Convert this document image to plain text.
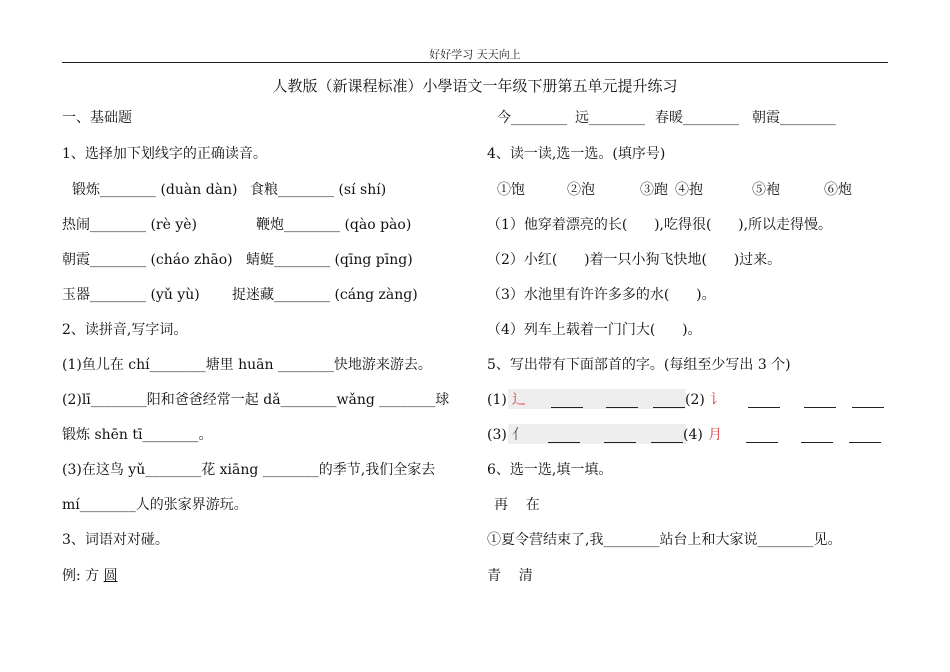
好好学习 天天向上

人教版（新课程标准）小學语文一年级下册第五单元提升练习

一、基础题

1、选择加下划线字的正确读音。

锻炼________ (duàn dàn) 食粮________ (sí shí)

热闹________ (rè yè)	鞭炮________ (qào pào)

朝霞________ (cháo zhāo) 蜻蜓________ (qīng pīng)

玉器________ (yǔ yù) 捉迷藏________ (cáng zànɡ)

2、读拼音,写字词。

(1)鱼儿在 chí________塘里 huān ________快地游来游去。

(2)lī________阳和爸爸经常一起 dǎ________wǎng ________球

锻炼 shēn tī________。

(3)在这鸟 yǔ________花 xiāng ________的季节,我们全家去

mí________人的张家界游玩。

3、词语对对碰。

例: 方 圆

今________ 远________ 春暖________ 朝霞________

4、读一读,选一选。(填序号)

①饱	②泡	③跑 ④抱	⑤袍	⑥炮

（1）他穿着漂亮的长(      ),吃得很(      ),所以走得慢。

（2）小红(      )着一只小狗飞快地(      )过来。

（3）水池里有许许多多的水(      )。

（4）列车上载着一门门大(      )。

5、写出带有下面部首的字。(每组至少写出 3 个)

(1) 辶	(2) 讠

(3) 亻	(4) 月

6、选一选,填一填。

再    在

①夏令营结束了,我________站台上和大家说________见。

青    清
